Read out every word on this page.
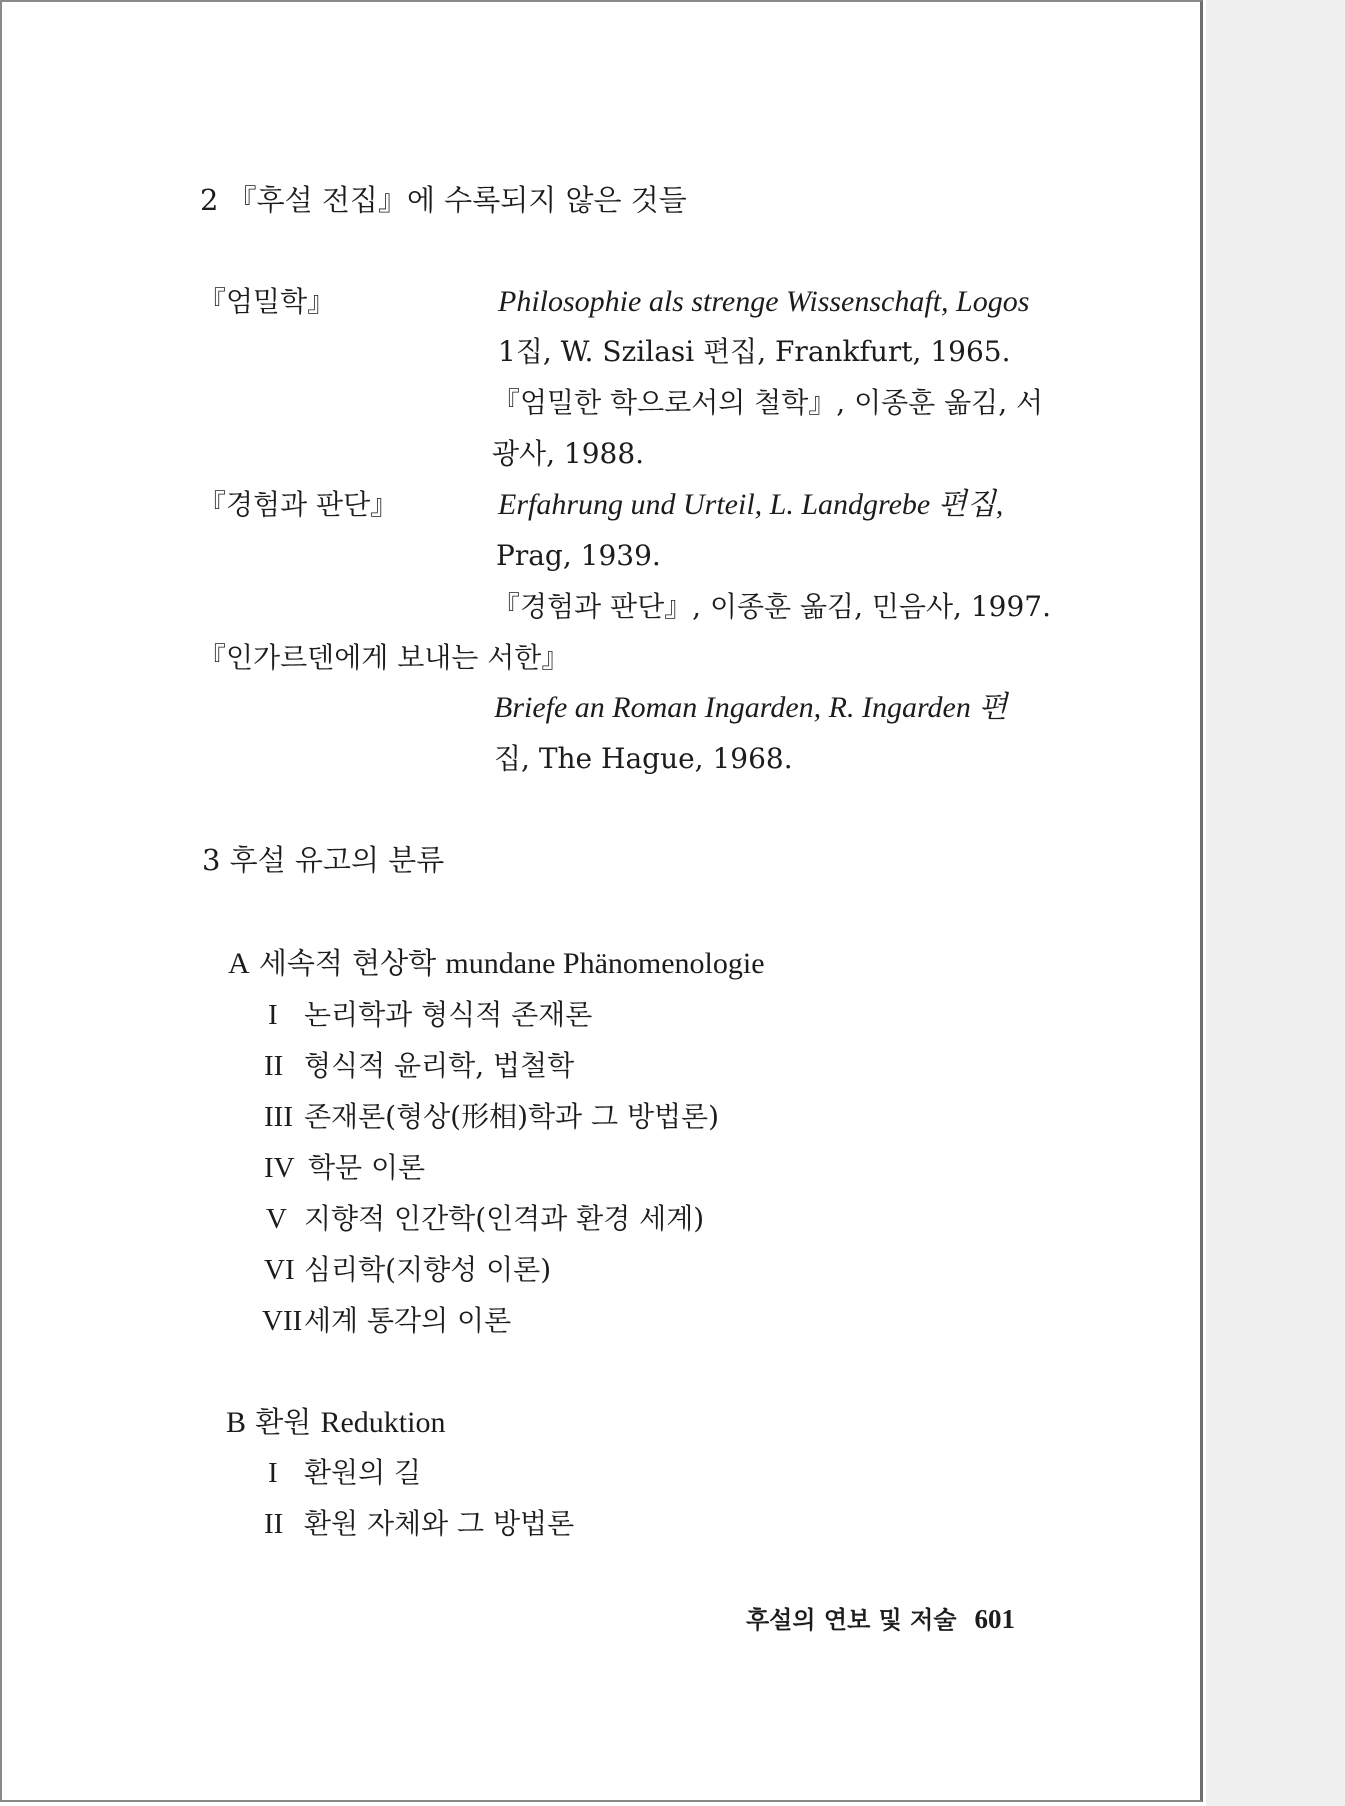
2 『후설 전집』에 수록되지 않은 것들
『엄밀학』	Philosophie als strenge Wissenschaft, Logos
1집, W. Szilasi 편집, Frankfurt, 1965.
『엄밀한 학으로서의 철학』, 이종훈 옮김, 서
광사, 1988.
『경험과 판단』	Erfahrung und Urteil, L. Landgrebe 편집,
Prag, 1939.
『경험과 판단』, 이종훈 옮김, 민음사, 1997.
『인가르덴에게 보내는 서한』
Briefe an Roman Ingarden, R. Ingarden 편
집, The Hague, 1968.
3 후설 유고의 분류
A 세속적 현상학 mundane Phänomenologie
I 논리학과 형식적 존재론
II 형식적 윤리학, 법철학
III 존재론(형상(形相)학과 그 방법론)
IV 학문 이론
V 지향적 인간학(인격과 환경 세계)
VI 심리학(지향성 이론)
VII 세계 통각의 이론
B 환원 Reduktion
I 환원의 길
II 환원 자체와 그 방법론
후설의 연보 및 저술 601
